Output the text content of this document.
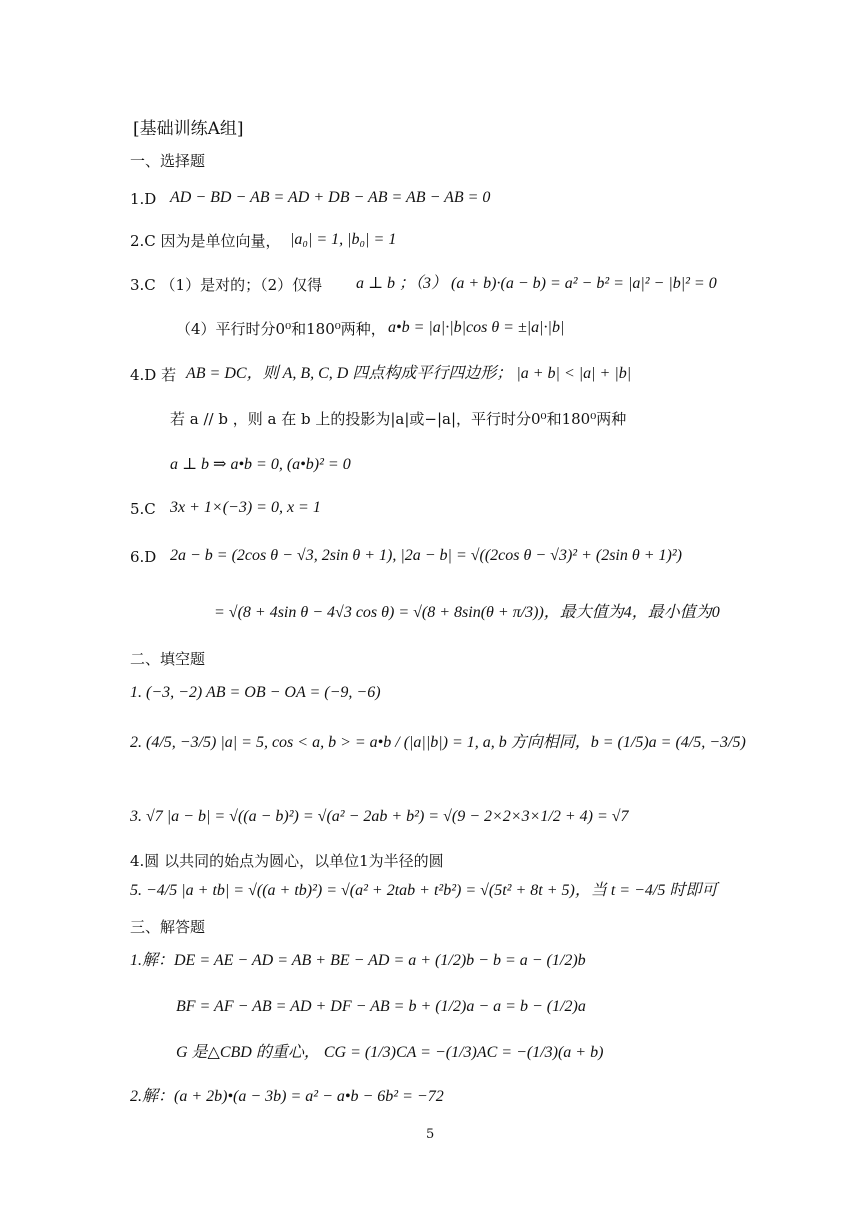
[基础训练A组]
一、选择题
1.D AD − BD − AB = AD + DB − AB = AB − AB = 0
2.C 因为是单位向量， |a₀| = 1, |b₀| = 1
3.C （1）是对的；（2）仅得 a ⊥ b ；（3） (a + b)·(a − b) = a² − b² = |a|² − |b|² = 0
（4）平行时分0⁰和180⁰两种， a•b = |a|·|b|cos θ = ±|a|·|b|
4.D 若 AB = DC，则 A, B, C, D 四点构成平行四边形； |a + b| < |a| + |b|
若 a // b ，则 a 在 b 上的投影为|a|或−|a|，平行时分0⁰和180⁰两种
a ⊥ b ⇒ a•b = 0, (a•b)² = 0
5.C 3x + 1×(−3) = 0, x = 1
6.D 2a − b = (2cos θ − √3, 2sin θ + 1), |2a − b| = √((2cos θ − √3)² + (2sin θ + 1)²)
= √(8 + 4sin θ − 4√3 cos θ) = √(8 + 8sin(θ + π/3))，最大值为4，最小值为0
二、填空题
1. (−3, −2) AB = OB − OA = (−9, −6)
2. (4/5, −3/5) |a| = 5, cos < a, b > = a•b / (|a||b|) = 1, a, b 方向相同，b = (1/5)a = (4/5, −3/5)
3. √7 |a − b| = √((a − b)²) = √(a² − 2ab + b²) = √(9 − 2×2×3×1/2 + 4) = √7
4.圆 以共同的始点为圆心，以单位1为半径的圆
5. −4/5 |a + tb| = √((a + tb)²) = √(a² + 2tab + t²b²) = √(5t² + 8t + 5)，当 t = −4/5 时即可
三、解答题
1.解：DE = AE − AD = AB + BE − AD = a + (1/2)b − b = a − (1/2)b
BF = AF − AB = AD + DF − AB = b + (1/2)a − a = b − (1/2)a
G 是△CBD 的重心， CG = (1/3)CA = −(1/3)AC = −(1/3)(a + b)
2.解：(a + 2b)•(a − 3b) = a² − a•b − 6b² = −72
5
